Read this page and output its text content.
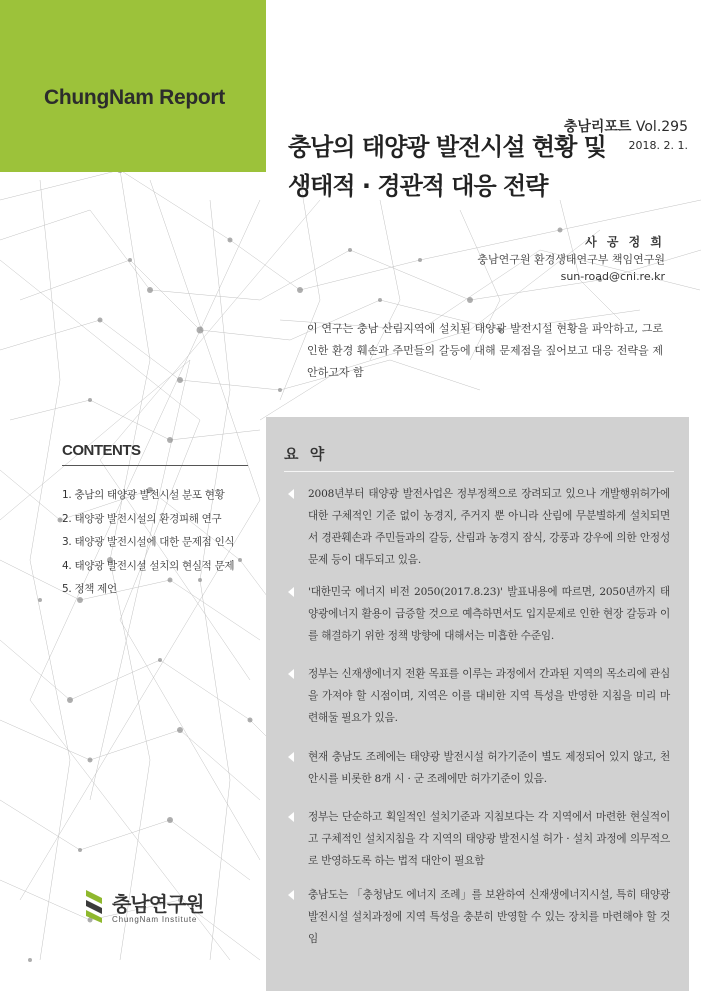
ChungNam Report
충남리포트 Vol.295
2018. 2. 1.
충남의 태양광 발전시설 현황 및
생태적 · 경관적 대응 전략
사 공 정 희
충남연구원 환경생태연구부 책임연구원
sun-road@cni.re.kr
이 연구는 충남 산림지역에 설치된 태양광 발전시설 현황을 파악하고, 그로 인한 환경 훼손과 주민들의 갈등에 대해 문제점을 짚어보고 대응 전략을 제안하고자 함
요 약
2008년부터 태양광 발전사업은 정부정책으로 장려되고 있으나 개발행위허가에 대한 구체적인 기준 없이 농경지, 주거지 뿐 아니라 산림에 무분별하게 설치되면서 경관훼손과 주민들과의 갈등, 산림과 농경지 잠식, 강풍과 강우에 의한 안정성 문제 등이 대두되고 있음.
'대한민국 에너지 비전 2050(2017.8.23)' 발표내용에 따르면, 2050년까지 태양광에너지 활용이 급증할 것으로 예측하면서도 입지문제로 인한 현장 갈등과 이를 해결하기 위한 정책 방향에 대해서는 미흡한 수준임.
정부는 신재생에너지 전환 목표를 이루는 과정에서 간과된 지역의 목소리에 관심을 가져야 할 시점이며, 지역은 이를 대비한 지역 특성을 반영한 지침을 미리 마련해둘 필요가 있음.
현재 충남도 조례에는 태양광 발전시설 허가기준이 별도 제정되어 있지 않고, 천안시를 비롯한 8개 시 · 군 조례에만 허가기준이 있음.
정부는 단순하고 획일적인 설치기준과 지침보다는 각 지역에서 마련한 현실적이고 구체적인 설치지침을 각 지역의 태양광 발전시설 허가 · 설치 과정에 의무적으로 반영하도록 하는 법적 대안이 필요함
충남도는 「충청남도 에너지 조례」를 보완하여 신재생에너지시설, 특히 태양광 발전시설 설치과정에 지역 특성을 충분히 반영할 수 있는 장치를 마련해야 할 것임
CONTENTS
1. 충남의 태양광 발전시설 분포 현황
2. 태양광 발전시설의 환경피해 연구
3. 태양광 발전시설에 대한 문제점 인식
4. 태양광 발전시설 설치의 현실적 문제
5. 정책 제언
충남연구원
ChungNam Institute
